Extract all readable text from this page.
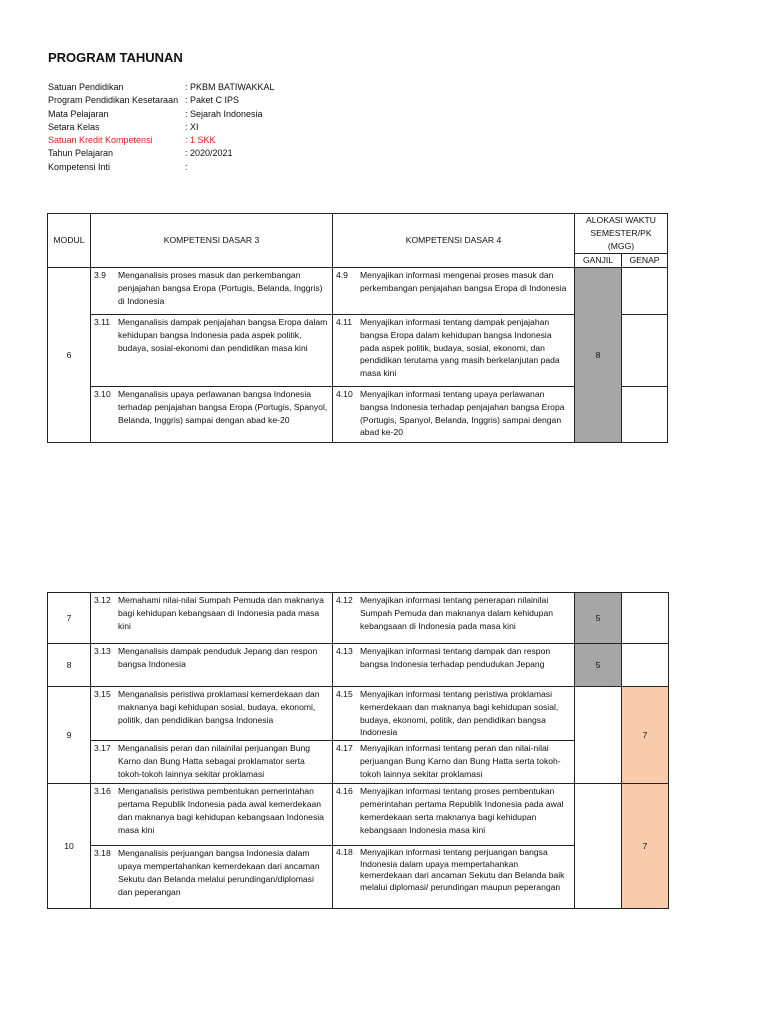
PROGRAM TAHUNAN
Satuan Pendidikan	: PKBM BATIWAKKAL
Program Pendidikan Kesetaraan : Paket C IPS
Mata Pelajaran	: Sejarah Indonesia
Setara Kelas	: XI
Satuan Kredit Kompetensi	: 1 SKK
Tahun Pelajaran	: 2020/2021
Kompetensi Inti	:
MODUL	KOMPETENSI DASAR 3	KOMPETENSI DASAR 4	ALOKASI WAKTU SEMESTER/PK (MGG)	
			GANJIL	GENAP
6	3.9 Menganalisis proses masuk dan perkembangan penjajahan bangsa Eropa (Portugis, Belanda, Inggris) di Indonesia	4.9 Menyajikan informasi mengenai proses masuk dan perkembangan penjajahan bangsa Eropa di Indonesia	8	

	3.11 Menganalisis dampak penjajahan bangsa Eropa dalam kehidupan bangsa Indonesia pada aspek politik, budaya, sosial-ekonomi dan pendidikan masa kini	4.11 Menyajikan informasi tentang dampak penjajahan bangsa Eropa dalam kehidupan bangsa Indonesia pada aspek politik, budaya, sosial, ekonomi, dan pendidikan terutama yang masih berkelanjutan pada masa kini		

	3.10 Menganalisis upaya perlawanan bangsa Indonesia terhadap penjajahan bangsa Eropa (Portugis, Spanyol, Belanda, Inggris) sampai dengan abad ke-20	4.10 Menyajikan informasi tentang upaya perlawanan bangsa Indonesia terhadap penjajahan bangsa Eropa (Portugis, Spanyol, Belanda, Inggris) sampai dengan abad ke-20		

7	3.12 Memahami nilai-nilai Sumpah Pemuda dan maknanya bagi kehidupan kebangsaan di Indonesia pada masa kini	4.12 Menyajikan informasi tentang penerapan nilainilai Sumpah Pemuda dan maknanya dalam kehidupan kebangsaan di Indonesia pada masa kini	5	
8	3.13 Menganalisis dampak penduduk Jepang dan respon bangsa Indonesia	4.13 Menyajikan informasi tentang dampak dan respon bangsa Indonesia terhadap pendudukan Jepang	5	
9	3.15 Menganalisis peristiwa proklamasi kemerdekaan dan maknanya bagi kehidupan sosial, budaya, ekonomi, politik, dan pendidikan bangsa Indonesia	4.15 Menyajikan informasi tentang peristiwa proklamasi kemerdekaan dan maknanya bagi kehidupan sosial, budaya, ekonomi, politik, dan pendidikan bangsa Indonesia		7

	3.17 Menganalisis peran dan nilainilai perjuangan Bung Karno dan Bung Hatta sebagai proklamator serta tokoh-tokoh lainnya sekitar proklamasi	4.17 Menyajikan informasi tentang peran dan nilai-nilai perjuangan Bung Karno dan Bung Hatta serta tokoh-tokoh lainnya sekitar proklamasi		

10	3.16 Menganalisis peristiwa pembentukan pemerintahan pertama Republik Indonesia pada awal kemerdekaan dan maknanya bagi kehidupan kebangsaan Indonesia masa kini	4.16 Menyajikan informasi tentang proses pembentukan pemerintahan pertama Republik Indonesia pada awal kemerdekaan serta maknanya bagi kehidupan kebangsaan Indonesia masa kini		7

	3.18 Menganalisis perjuangan bangsa Indonesia dalam upaya mempertahankan kemerdekaan dari ancaman Sekutu dan Belanda melalui perundingan/diplomasi dan peperangan	4.18 Menyajikan informasi tentang perjuangan bangsa Indonesia dalam upaya mempertahankan kemerdekaan dari ancaman Sekutu dan Belanda baik melalui diplomasi/ perundingan maupun peperangan		
